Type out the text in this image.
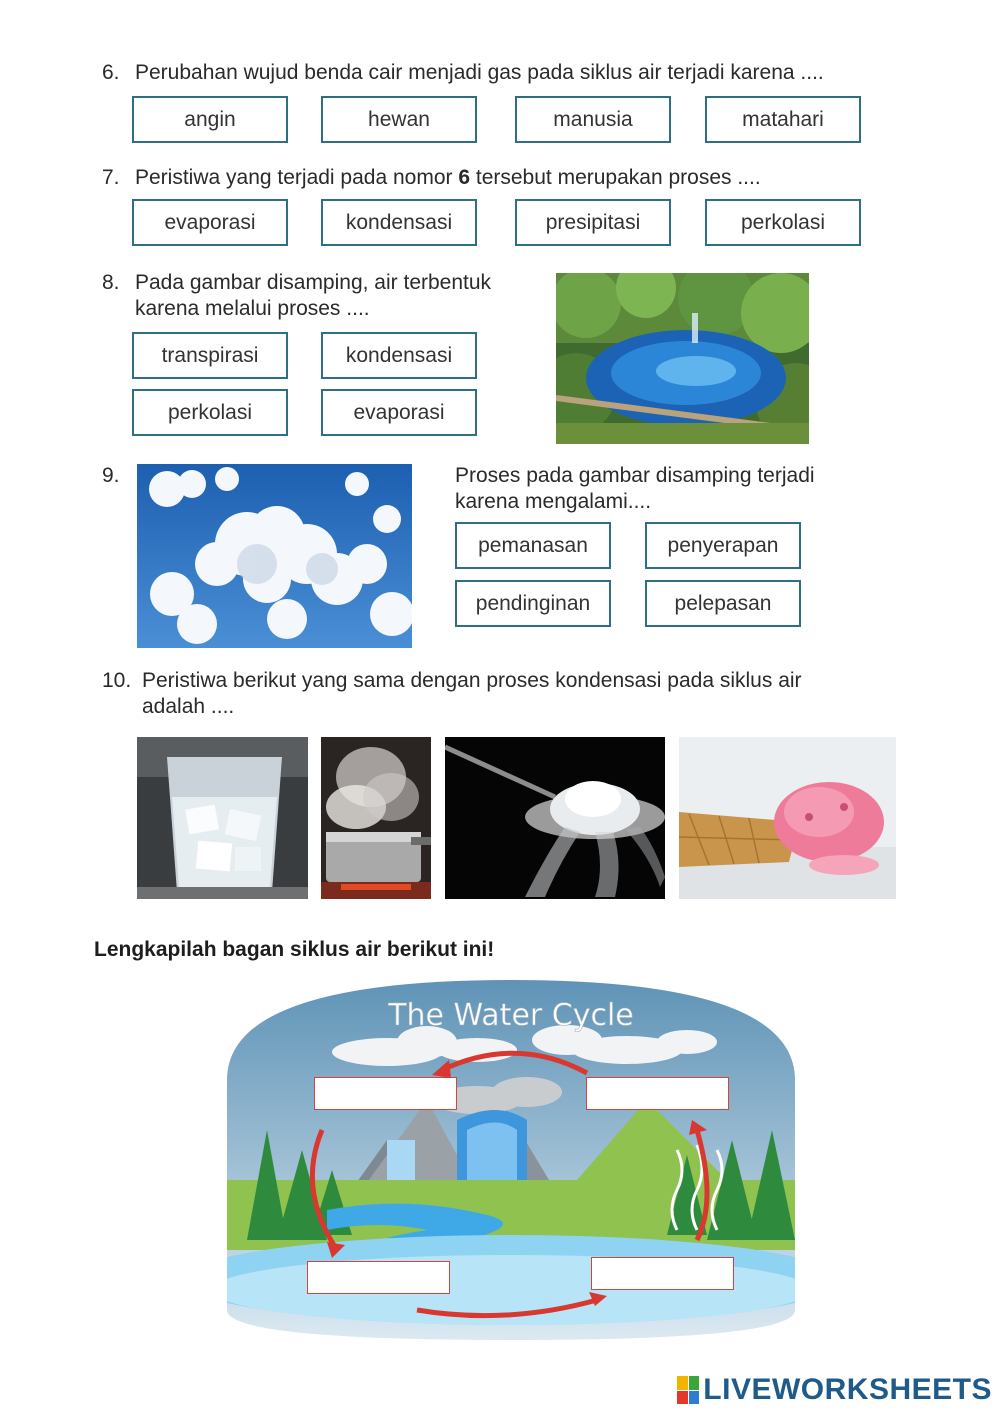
6. Perubahan wujud benda cair menjadi gas pada siklus air terjadi karena ....
angin	hewan	manusia	matahari
7. Peristiwa yang terjadi pada nomor 6 tersebut merupakan proses ....
evaporasi	kondensasi	presipitasi	perkolasi
8. Pada gambar disamping, air terbentuk
karena melalui proses ....
transpirasi	kondensasi
perkolasi	evaporasi
9.	Proses pada gambar disamping terjadi
karena mengalami....
pemanasan	penyerapan
pendinginan	pelepasan
10. Peristiwa berikut yang sama dengan proses kondensasi pada siklus air
adalah ....
Lengkapilah bagan siklus air berikut ini!
The Water Cycle
LIVEWORKSHEETS
